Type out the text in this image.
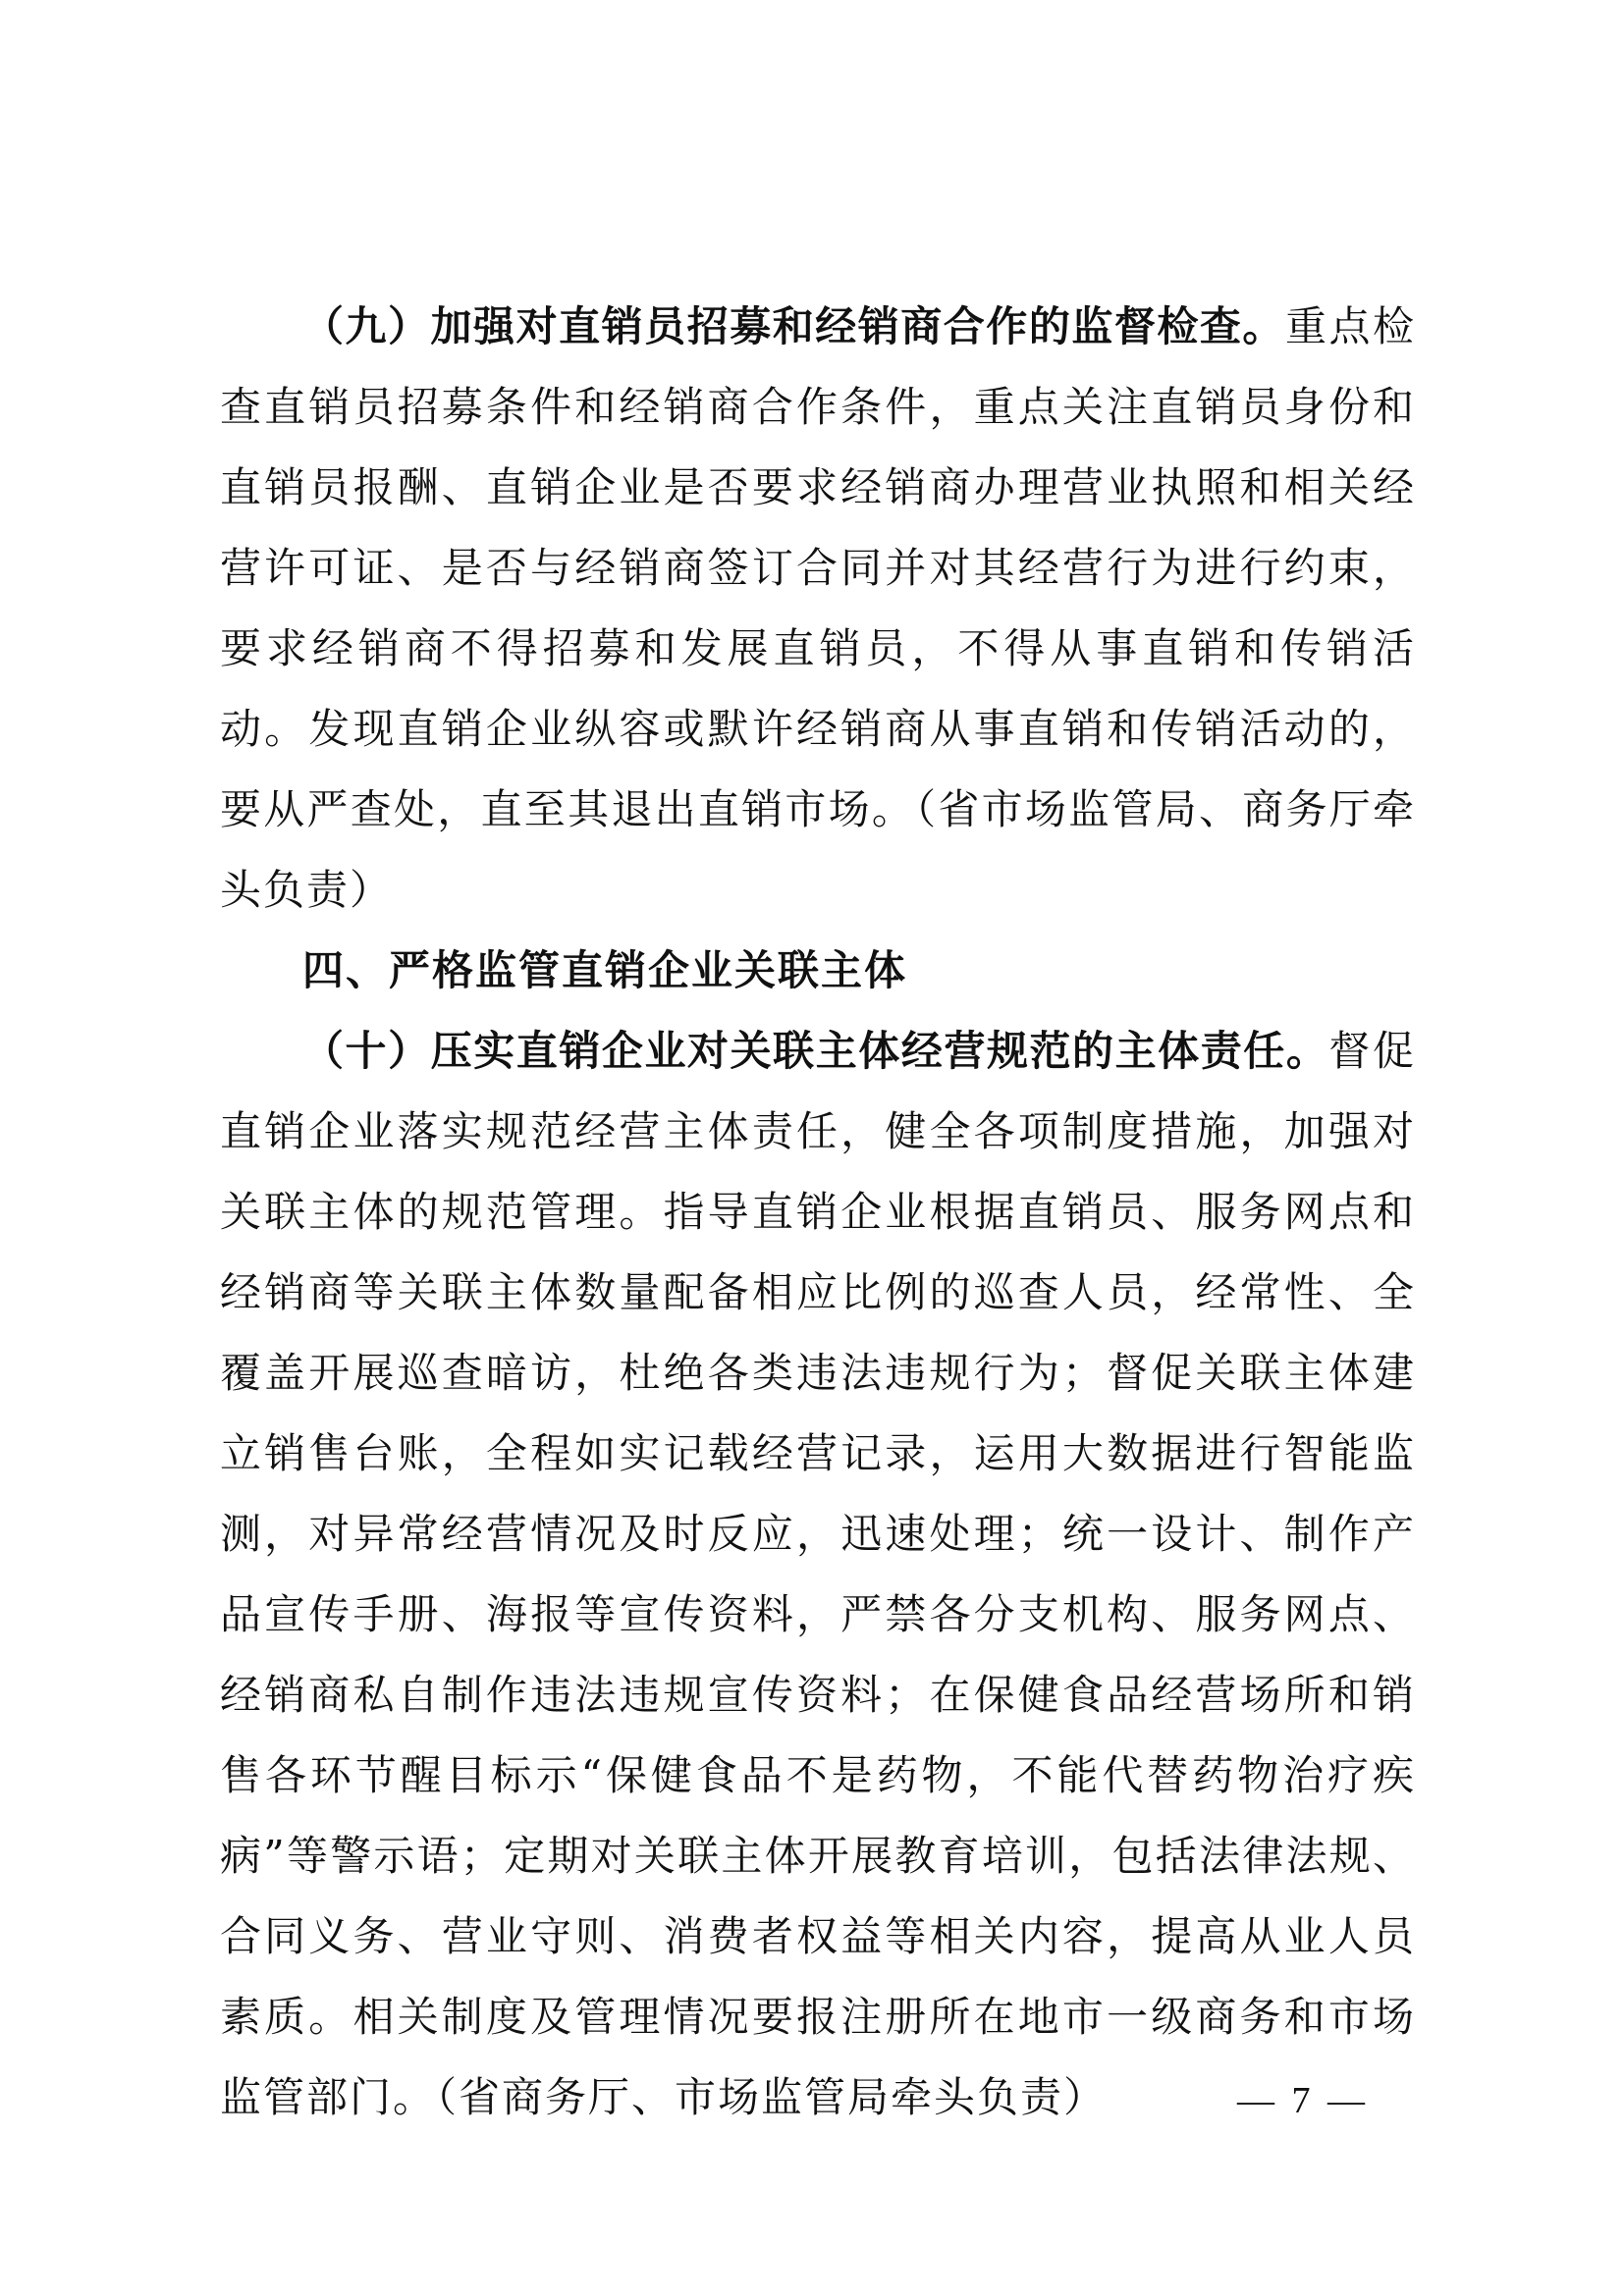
（九）加强对直销员招募和经销商合作的监督检查。重点检查直销员招募条件和经销商合作条件，重点关注直销员身份和直销员报酬、直销企业是否要求经销商办理营业执照和相关经营许可证、是否与经销商签订合同并对其经营行为进行约束，要求经销商不得招募和发展直销员，不得从事直销和传销活动。发现直销企业纵容或默许经销商从事直销和传销活动的，要从严查处，直至其退出直销市场。（省市场监管局、商务厅牵头负责）

四、严格监管直销企业关联主体

（十）压实直销企业对关联主体经营规范的主体责任。督促直销企业落实规范经营主体责任，健全各项制度措施，加强对关联主体的规范管理。指导直销企业根据直销员、服务网点和经销商等关联主体数量配备相应比例的巡查人员，经常性、全覆盖开展巡查暗访，杜绝各类违法违规行为；督促关联主体建立销售台账，全程如实记载经营记录，运用大数据进行智能监测，对异常经营情况及时反应，迅速处理；统一设计、制作产品宣传手册、海报等宣传资料，严禁各分支机构、服务网点、经销商私自制作违法违规宣传资料；在保健食品经营场所和销售各环节醒目标示“保健食品不是药物，不能代替药物治疗疾病”等警示语；定期对关联主体开展教育培训，包括法律法规、合同义务、营业守则、消费者权益等相关内容，提高从业人员素质。相关制度及管理情况要报注册所在地市一级商务和市场监管部门。（省商务厅、市场监管局牵头负责）	— 7 —
